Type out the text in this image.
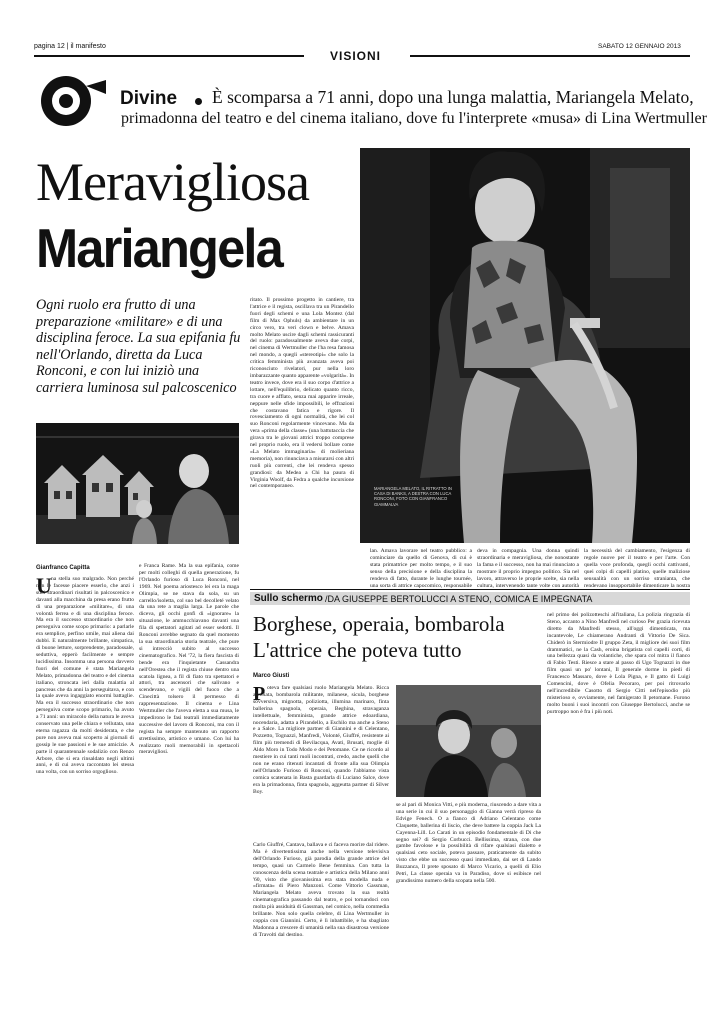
pagina 12 | il manifesto
VISIONI
SABATO 12 GENNAIO 2013
Divine È scomparsa a 71 anni, dopo una lunga malattia, Mariangela Melato,
primadonna del teatro e del cinema italiano, dove fu l'interprete «musa» di Lina Wertmuller
Meravigliosa
Mariangela
Ogni ruolo era frutto di una preparazione «militare» e di una disciplina feroce. La sua epifania fu nell'Orlando, diretta da Luca Ronconi, e con lui iniziò una carriera luminosa sul palcoscenico
MARIANGELA MELATO, IL RITRATTO IN CASA DI BANKS, A DESTRA CON LUCA RONCONI, FOTO CON GIANFRANCO GIAMMALVA
Gianfranco Capitta
U na stella suo malgrado. Non perché non le facesse piacere esserlo, che anzi i suoi straordinari risultati in palcoscenico e davanti alla macchina da presa erano frutto di una preparazione «militare», di una volontà ferrea e di una disciplina feroce. Ma era il successo straordinario che non perseguiva come scopo primario: a parlarle era semplice, perfino umile, mai aliena dai dubbi. E naturalmente brillante, simpatica, di buone letture, sorprendente, paradossale, seduttiva, epperò facilmente e sempre lucidissima. Insomma una persona davvero fuori del comune è stata Mariangela Melato, primadonna del teatro e del cinema italiano, stroncata ieri dalla malattia al pancreas che da anni la perseguitava, e con la quale aveva ingaggiato enormi battaglie. Ma era il successo straordinario che non perseguiva come scopo primario, ha avuto a 71 anni: un miracolo della natura le aveva conservato una pelle chiara e vellutata, una eterna ragazza da molti desiderata, e che pure non aveva mai scoperto ai giornali di gossip le sue passioni e le sue amicizie. A parte il quarantennale sodalizio con Renzo Arbore, che si era rinsaldato negli ultimi anni, e di cui aveva raccontato lei stessa una volta, con un sorriso orgoglioso.
e Franca Rame. Ma la sua epifania, come per molti colleghi di quella generazione, fu l'Orlando furioso di Luca Ronconi, nel 1969. Nel poema ariostesco lei era la maga Olimpia, se ne stava da sola, su un carrello/isoletta, col suo bel decolleté velato da una rete a maglia larga. Le parole che diceva, gli occhi gonfi di «ignorare» la situazione, le ammucchiavano davanti una fila di spettatori agitati ad esser sedotti. Il Ronconi avrebbe segnato da quel momento la sua straordinaria storia teatrale, che pure si intrecciò subito al successo cinematografico. Nel '72, la fiera fascista di bende era l'inquietante Cassandra nell'Orestea che il regista chiuse dentro una scatola lignea, a fil di fiato tra spettatori e attori, tra ascensori che salivano e scendevano, e vigili del fuoco che a Cinecittà tolsero il permesso di rappresentazione. Il cinema e Lina Wertmuller che l'aveva eletta a sua musa, le impedirono le fasi teatrali immediatamente successive del lavoro di Ronconi, ma con il regista ha sempre mantenuto un rapporto strettissimo, artistico e umano. Con lui ha realizzato ruoli memorabili in spettacoli meravigliosi.
ritato. Il prossimo progetto in cantiere, tra l'attrice e il regista, oscillava tra un Pirandello fuori degli schemi e una Lola Montez (dal film di Max Ophuls) da ambientare in un circo vero, tra veri clown e belve. Amava molto Melato uscire dagli schemi rassicuranti del ruolo: paradossalmente aveva due corpi, nel cinema di Wertmuller che l'ha resa famosa nel mondo, a quegli «stereotipi» che solo la critica femminista più avanzata aveva poi riconosciuto rivelatori, pur nella loro imbarazzante quanto apparente «volgarità». In teatro invece, dove era il suo corpo d'attrice a lottare, nell'equilibrio, delicato quanto ricco, tra cuore e afflato, senza mai apparire irreale, neppure nelle sfide impossibili, le effrazioni che costavano fatica e rigore. Il rovesciamento di ogni normalità, che lei col suo Ronconi regolarmente vincevano. Ma da vera «prima della classe» (una battutaccia che girava tra le giovani attrici troppo comprese nel proprio ruolo, era il vedersi bollare come «La Melato immaginaria» di molieriana memoria), non rinunciava a misurarsi con altri ruoli più correnti, che lei rendeva spesso grandiosi: da Medea a Chi ha paura di Virginia Woolf, da Fedra a qualche incursione nel contemporaneo.
lan. Amava lavorare nel teatro pubblico: a cominciare da quello di Genova, di cui è stata primattrice per molto tempo, e il suo senso della precisione e della disciplina la rendeva di fatto, durante le lunghe tournée, una sorta di attrice capocomico, responsabile
deva in compagnia. Una donna quindi straordinaria e meravigliosa, che nonostante la fama e il successo, non ha mai rinunciato a mostrare il proprio impegno politico. Sia nel lavoro, attraverso le proprie scelte, sia nella cultura, intervenendo tante volte con autorità
la necessità del cambiamento, l'esigenza di regole nuove per il teatro e per l'arte. Con quella voce profonda, quegli occhi cattivanti, quei colpi di capelli platino, quelle maliziose sensualità con un sorriso stranianta, che rendevano insopportabile dimenticare la nostra
Sullo schermo /DA GIUSEPPE BERTOLUCCI A STENO, COMICA E IMPEGNATA
Borghese, operaia, bombarola
L'attrice che poteva tutto
Marco Giusti
P oteva fare qualsiasi ruolo Mariangela Melato. Ricca annoiata, bombarola militante, milanese, sicula, borghese sovversiva, mignotta, poliziotta, illumina marinaro, finta ballerina spagnola, operaia, Beghina, stravaganza intellettuale, femminista, grande attrice edoardiana, nocendaria, adatta a Pirandello, a Eschilo ma anche a Steno e a Salce. La migliore partner di Giannini e di Celentano, Pozzetto, Tognazzi, Manfredi, Volonté, Giuffré, resistente ai film più tremendi di Bevilacqua, Avati, Brusati, moglie di Aldo Moro in Todo Modo e dei Petomane. Ce ne ricordo al mestiere in cui tanti ruoli incontrati, credo, anche quelli che non ne erano ritenuti incantati di fronte alla sua Olimpia nell'Orlando Furioso di Ronconi, quando l'abbiamo vista comica scatenata in Basta guardarla di Luciano Salce, dove era la primadonna, finta spagnola, aggeutta partner di Silver Boy.
Carlo Giuffré, Cantava, ballava e ci faceva morire dal ridere. Ma è divertentissima anche nella versione televisiva dell'Orlando Furioso, già parodia della grande attrice del tempo, quasi un Carmelo Bene femmina. Con tutta la conoscenza della scena teatrale e artistica della Milano anni '60, visto che giovanissima era stata modella nuda e «firmata» di Piero Manzoni. Come Vittorio Gassman, Mariangela Melato aveva trovato la sua realtà cinematografica passando dal teatro, e poi tornandoci con molta più assiduità di Gassman, nel comico, nella commedia brillante. Non solo quella celebre, di Lina Wertmuller in coppia con Giannini. Certo, è lì inbattibile, e ha sbagliato Madonna a crescere di umanità nella sua disastrosa versione di Travolti dal destino.
se al pari di Monica Vitti, e più moderna, riuscendo a dare vita a una serie in cui il suo personaggio di Gianna verrà ripreso da Edvige Fenech. O a fianco di Adriano Celentano come Claquette, ballerina di liscio, che deve battere la coppia Jack La Cayenna-Lill. Lo Carati in un episodio fondamentale di Di che segno sei? di Sergio Corbucci. Bellissima, strana, con due gambe favolose e la possibilità di rifare qualsiasi dialetto e qualsiasi ceto sociale, poteva passare, praticamente da subito visto che ebbe un successo quasi immediato, dai set di Lando Buzzanca, Il prete sposato di Marco Vicario, a quelli di Elio Petri, La classe operaia va in Paradiso, dove si esibisce nel grandissimo numero della scopata nella 500.
nel primo dei polizotteschi all'italiana, La polizia ringrazia di Steno, accanto a Nino Manfredi nel curioso Per grazia ricevuta diretto da Manfredi stesso, all'oggi dimenticata, ma incantevole, Le chiamerano Andranti di Vittorio De Sica. Chiderò in Stermiodre Il gruppo Zeta, il migliore dei suoi film drammatici, ne la Cash, eroina brigatista col capelli corti, di una bellezza quasi da volantiche, che spara col mitra il fianco di Fabio Testi. Riesce a stare al passo di Ugo Tognazzi in due film quasi un po' lontani, Il generale dorme in piedi di Francesco Massaro, dove è Lola Pigna, e Il gatto di Luigi Comencini, dove è Ofelia Pecoraro, per poi ritrovarlo nell'incredibile Casotto di Sergio Citti nell'episodio più misterioso e, ovviamente, nel famigerato Il petomane. Furono molto buoni i suoi incontri con Giuseppe Bertolucci, anche se purtroppo non è fra i più noti.
